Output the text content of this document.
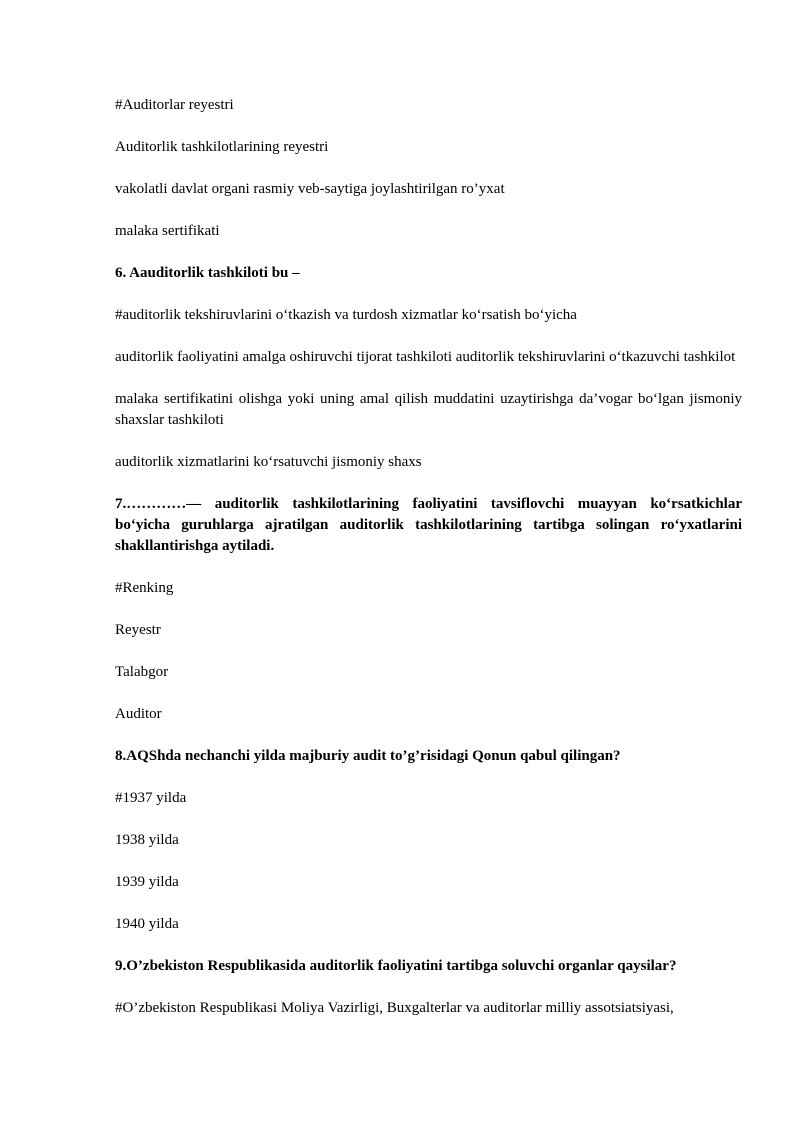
#Auditorlar reyestri

Auditorlik tashkilotlarining reyestri

vakolatli davlat organi rasmiy veb-saytiga joylashtirilgan ro’yxat

malaka sertifikati

6. Aauditorlik tashkiloti bu –

#auditorlik tekshiruvlarini o‘tkazish va turdosh xizmatlar ko‘rsatish bo‘yicha

auditorlik faoliyatini amalga oshiruvchi tijorat tashkiloti auditorlik tekshiruvlarini o‘tkazuvchi tashkilot

malaka sertifikatini olishga yoki uning amal qilish muddatini uzaytirishga da’vogar bo‘lgan jismoniy shaxslar tashkiloti

auditorlik xizmatlarini ko‘rsatuvchi jismoniy shaxs

7.…………— auditorlik tashkilotlarining faoliyatini tavsiflovchi muayyan ko‘rsatkichlar bo‘yicha guruhlarga ajratilgan auditorlik tashkilotlarining tartibga solingan ro‘yxatlarini shakllantirishga aytiladi.

#Renking

Reyestr

Talabgor

Auditor

8.AQShda nechanchi yilda majburiy audit to’g’risidagi Qonun qabul qilingan?

#1937 yilda

1938 yilda

1939 yilda

1940 yilda

9.O’zbekiston Respublikasida auditorlik faoliyatini tartibga soluvchi organlar qaysilar?

#O’zbekiston Respublikasi Moliya Vazirligi, Buxgalterlar va auditorlar milliy assotsiatsiyasi,
